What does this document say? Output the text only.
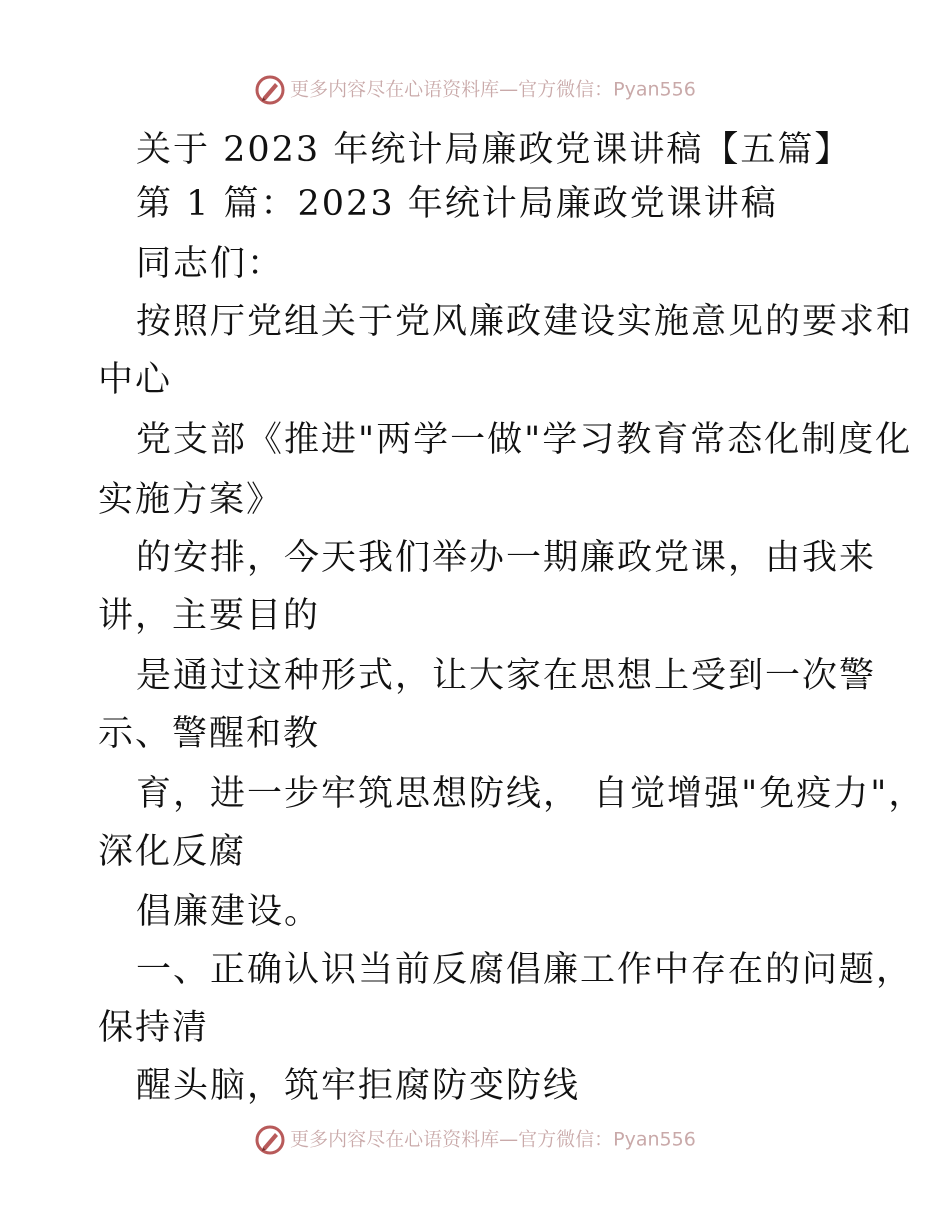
更多内容尽在心语资料库—官方微信：Pyan556
关于 2023 年统计局廉政党课讲稿【五篇】
第 1 篇：2023 年统计局廉政党课讲稿
同志们：
按照厅党组关于党风廉政建设实施意见的要求和
中心
党支部《推进"两学一做"学习教育常态化制度化
实施方案》
的安排，今天我们举办一期廉政党课，由我来
讲，主要目的
是通过这种形式，让大家在思想上受到一次警
示、警醒和教
育，进一步牢筑思想防线， 自觉增强"免疫力"，
深化反腐
倡廉建设。
一、正确认识当前反腐倡廉工作中存在的问题，
保持清
醒头脑，筑牢拒腐防变防线
更多内容尽在心语资料库—官方微信：Pyan556
